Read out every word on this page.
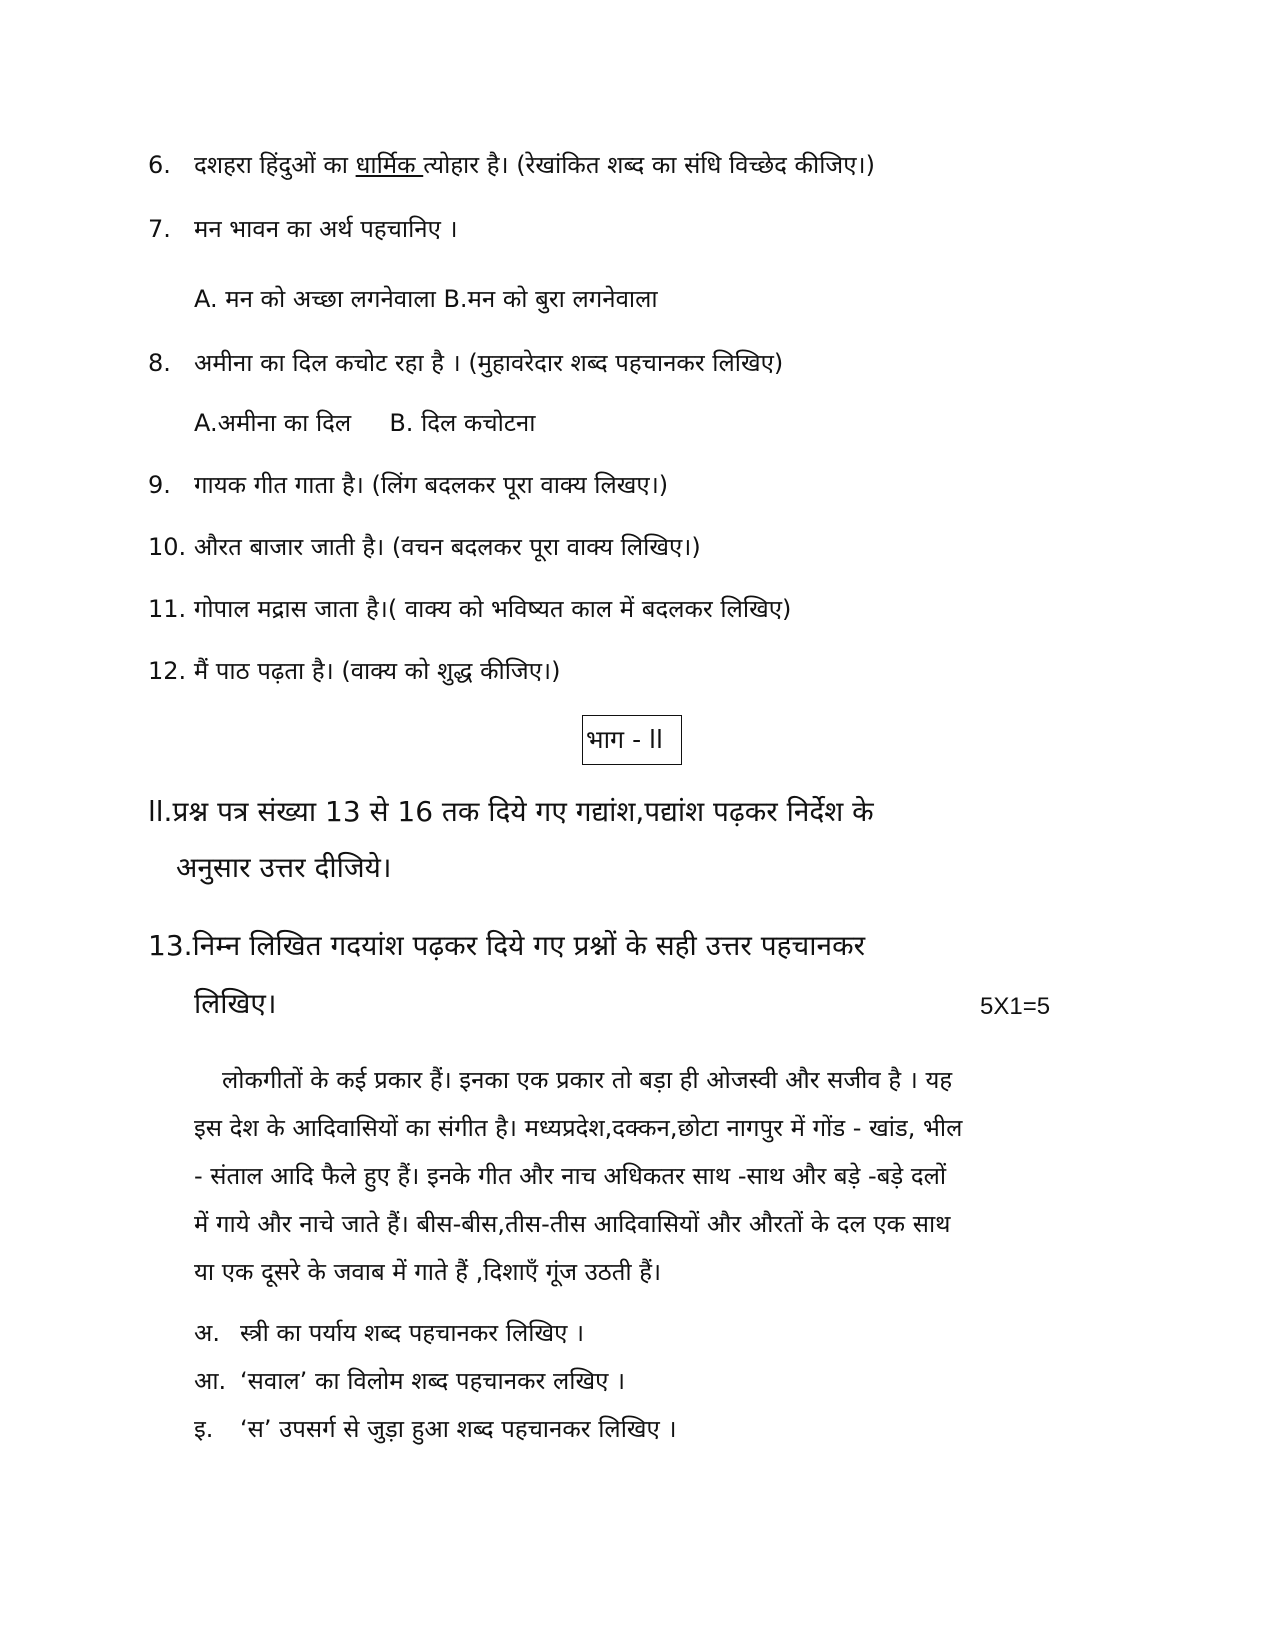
6. दशहरा हिंदुओं का धार्मिक त्योहार है। (रेखांकित शब्द का संधि विच्छेद कीजिए।)
7. मन भावन का अर्थ पहचानिए ।
A. मन को अच्छा लगनेवाला B.मन को बुरा लगनेवाला
8. अमीना का दिल कचोट रहा है । (मुहावरेदार शब्द पहचानकर लिखिए)
A.अमीना का दिल     B. दिल कचोटना
9. गायक गीत गाता है। (लिंग बदलकर पूरा वाक्य लिखए।)
10. औरत बाजार जाती है। (वचन बदलकर पूरा वाक्य लिखिए।)
11. गोपाल मद्रास जाता है।( वाक्य को भविष्यत काल में बदलकर लिखिए)
12. मैं पाठ पढ़ता है। (वाक्य को शुद्ध कीजिए।)
भाग - ll
ll.प्रश्न पत्र संख्या 13 से 16 तक दिये गए गद्यांश,पद्यांश पढ़कर निर्देश के
अनुसार उत्तर दीजिये।
13.निम्न लिखित गदयांश पढ़कर दिये गए प्रश्नों के सही उत्तर पहचानकर
लिखिए।	5X1=5
लोकगीतों के कई प्रकार हैं। इनका एक प्रकार तो बड़ा ही ओजस्वी और सजीव है । यह
इस देश के आदिवासियों का संगीत है। मध्यप्रदेश,दक्कन,छोटा नागपुर में गोंड - खांड, भील
- संताल आदि फैले हुए हैं। इनके गीत और नाच अधिकतर साथ -साथ और बड़े -बड़े दलों
में गाये और नाचे जाते हैं। बीस-बीस,तीस-तीस आदिवासियों और औरतों के दल एक साथ
या एक दूसरे के जवाब में गाते हैं ,दिशाएँ गूंज उठती हैं।
अ. स्त्री का पर्याय शब्द पहचानकर लिखिए ।
आ. ‘सवाल’ का विलोम शब्द पहचानकर लखिए ।
इ. ‘स’ उपसर्ग से जुड़ा हुआ शब्द पहचानकर लिखिए ।
